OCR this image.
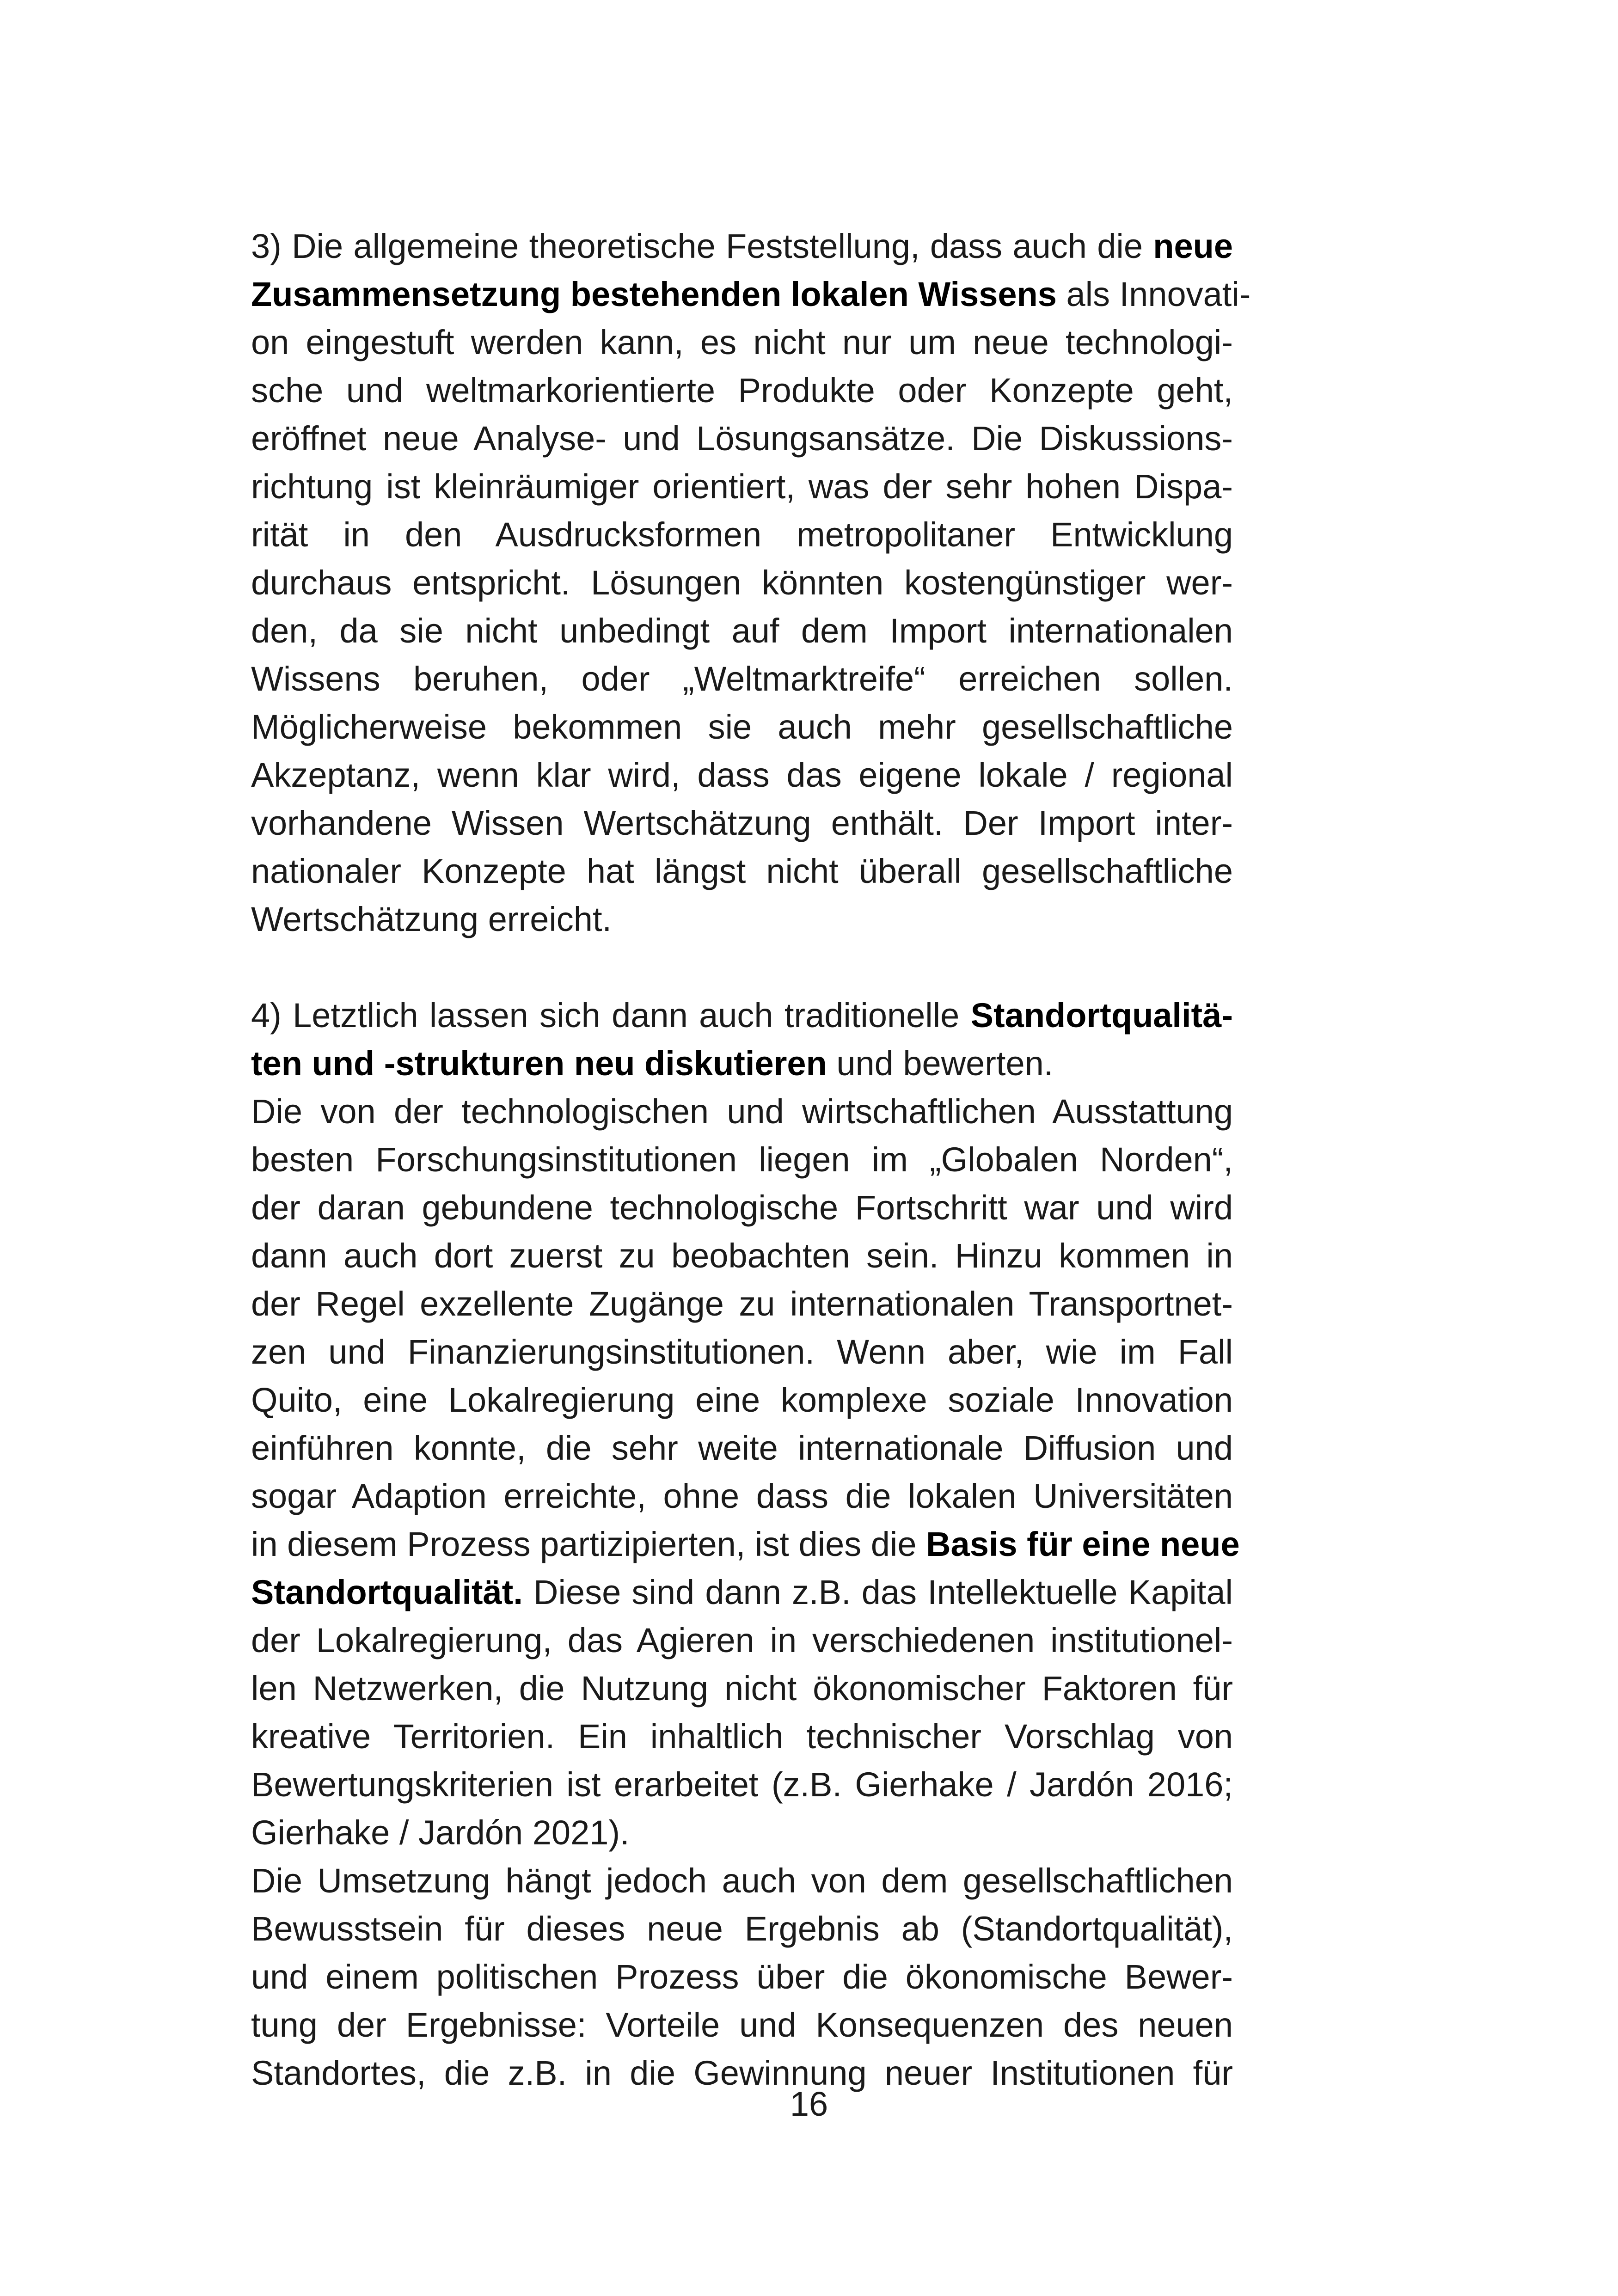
3) Die allgemeine theoretische Feststellung, dass auch die neue
Zusammensetzung bestehenden lokalen Wissens als Innovati-
on eingestuft werden kann, es nicht nur um neue technologi-
sche und weltmarkorientierte Produkte oder Konzepte geht,
eröffnet neue Analyse- und Lösungsansätze. Die Diskussions-
richtung ist kleinräumiger orientiert, was der sehr hohen Dispa-
rität in den Ausdrucksformen metropolitaner Entwicklung
durchaus entspricht. Lösungen könnten kostengünstiger wer-
den, da sie nicht unbedingt auf dem Import internationalen
Wissens beruhen, oder „Weltmarktreife“ erreichen sollen.
Möglicherweise bekommen sie auch mehr gesellschaftliche
Akzeptanz, wenn klar wird, dass das eigene lokale / regional
vorhandene Wissen Wertschätzung enthält. Der Import inter-
nationaler Konzepte hat längst nicht überall gesellschaftliche
Wertschätzung erreicht.
4) Letztlich lassen sich dann auch traditionelle Standortqualitä-
ten und -strukturen neu diskutieren und bewerten.
Die von der technologischen und wirtschaftlichen Ausstattung
besten Forschungsinstitutionen liegen im „Globalen Norden“,
der daran gebundene technologische Fortschritt war und wird
dann auch dort zuerst zu beobachten sein. Hinzu kommen in
der Regel exzellente Zugänge zu internationalen Transportnet-
zen und Finanzierungsinstitutionen. Wenn aber, wie im Fall
Quito, eine Lokalregierung eine komplexe soziale Innovation
einführen konnte, die sehr weite internationale Diffusion und
sogar Adaption erreichte, ohne dass die lokalen Universitäten
in diesem Prozess partizipierten, ist dies die Basis für eine neue
Standortqualität. Diese sind dann z.B. das Intellektuelle Kapital
der Lokalregierung, das Agieren in verschiedenen institutionel-
len Netzwerken, die Nutzung nicht ökonomischer Faktoren für
kreative Territorien. Ein inhaltlich technischer Vorschlag von
Bewertungskriterien ist erarbeitet (z.B. Gierhake / Jardón 2016;
Gierhake / Jardón 2021).
Die Umsetzung hängt jedoch auch von dem gesellschaftlichen
Bewusstsein für dieses neue Ergebnis ab (Standortqualität),
und einem politischen Prozess über die ökonomische Bewer-
tung der Ergebnisse: Vorteile und Konsequenzen des neuen
Standortes, die z.B. in die Gewinnung neuer Institutionen für
16
